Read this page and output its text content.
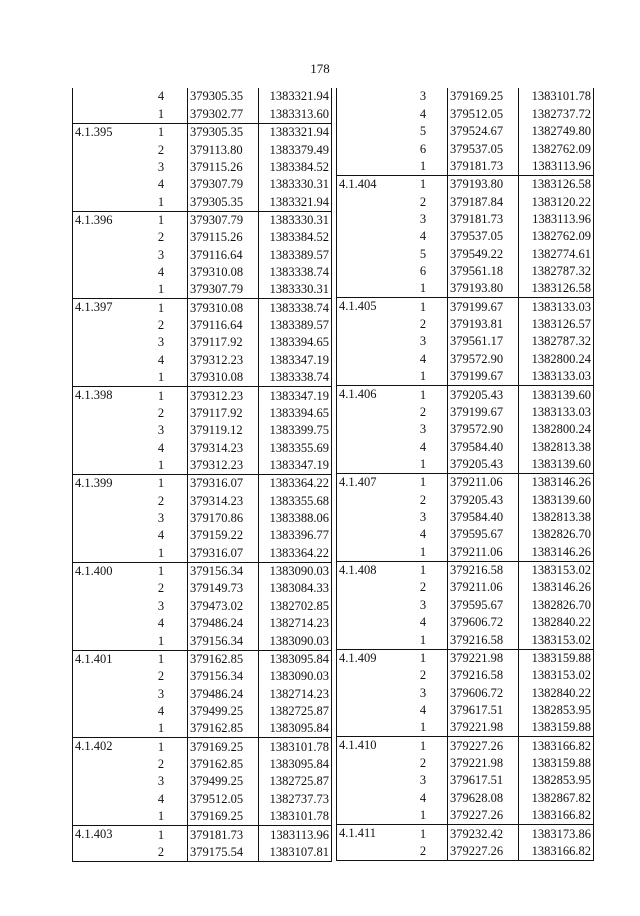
178
	4	379305.35	1383321.94
	1	379302.77	1383313.60
4.1.395	1	379305.35	1383321.94
	2	379113.80	1383379.49
	3	379115.26	1383384.52
	4	379307.79	1383330.31
	1	379305.35	1383321.94
4.1.396	1	379307.79	1383330.31
	2	379115.26	1383384.52
	3	379116.64	1383389.57
	4	379310.08	1383338.74
	1	379307.79	1383330.31
4.1.397	1	379310.08	1383338.74
	2	379116.64	1383389.57
	3	379117.92	1383394.65
	4	379312.23	1383347.19
	1	379310.08	1383338.74
4.1.398	1	379312.23	1383347.19
	2	379117.92	1383394.65
	3	379119.12	1383399.75
	4	379314.23	1383355.69
	1	379312.23	1383347.19
4.1.399	1	379316.07	1383364.22
	2	379314.23	1383355.68
	3	379170.86	1383388.06
	4	379159.22	1383396.77
	1	379316.07	1383364.22
4.1.400	1	379156.34	1383090.03
	2	379149.73	1383084.33
	3	379473.02	1382702.85
	4	379486.24	1382714.23
	1	379156.34	1383090.03
4.1.401	1	379162.85	1383095.84
	2	379156.34	1383090.03
	3	379486.24	1382714.23
	4	379499.25	1382725.87
	1	379162.85	1383095.84
4.1.402	1	379169.25	1383101.78
	2	379162.85	1383095.84
	3	379499.25	1382725.87
	4	379512.05	1382737.73
	1	379169.25	1383101.78
4.1.403	1	379181.73	1383113.96
	2	379175.54	1383107.81
	3	379169.25	1383101.78
	4	379512.05	1382737.72
	5	379524.67	1382749.80
	6	379537.05	1382762.09
	1	379181.73	1383113.96
4.1.404	1	379193.80	1383126.58
	2	379187.84	1383120.22
	3	379181.73	1383113.96
	4	379537.05	1382762.09
	5	379549.22	1382774.61
	6	379561.18	1382787.32
	1	379193.80	1383126.58
4.1.405	1	379199.67	1383133.03
	2	379193.81	1383126.57
	3	379561.17	1382787.32
	4	379572.90	1382800.24
	1	379199.67	1383133.03
4.1.406	1	379205.43	1383139.60
	2	379199.67	1383133.03
	3	379572.90	1382800.24
	4	379584.40	1382813.38
	1	379205.43	1383139.60
4.1.407	1	379211.06	1383146.26
	2	379205.43	1383139.60
	3	379584.40	1382813.38
	4	379595.67	1382826.70
	1	379211.06	1383146.26
4.1.408	1	379216.58	1383153.02
	2	379211.06	1383146.26
	3	379595.67	1382826.70
	4	379606.72	1382840.22
	1	379216.58	1383153.02
4.1.409	1	379221.98	1383159.88
	2	379216.58	1383153.02
	3	379606.72	1382840.22
	4	379617.51	1382853.95
	1	379221.98	1383159.88
4.1.410	1	379227.26	1383166.82
	2	379221.98	1383159.88
	3	379617.51	1382853.95
	4	379628.08	1382867.82
	1	379227.26	1383166.82
4.1.411	1	379232.42	1383173.86
	2	379227.26	1383166.82
